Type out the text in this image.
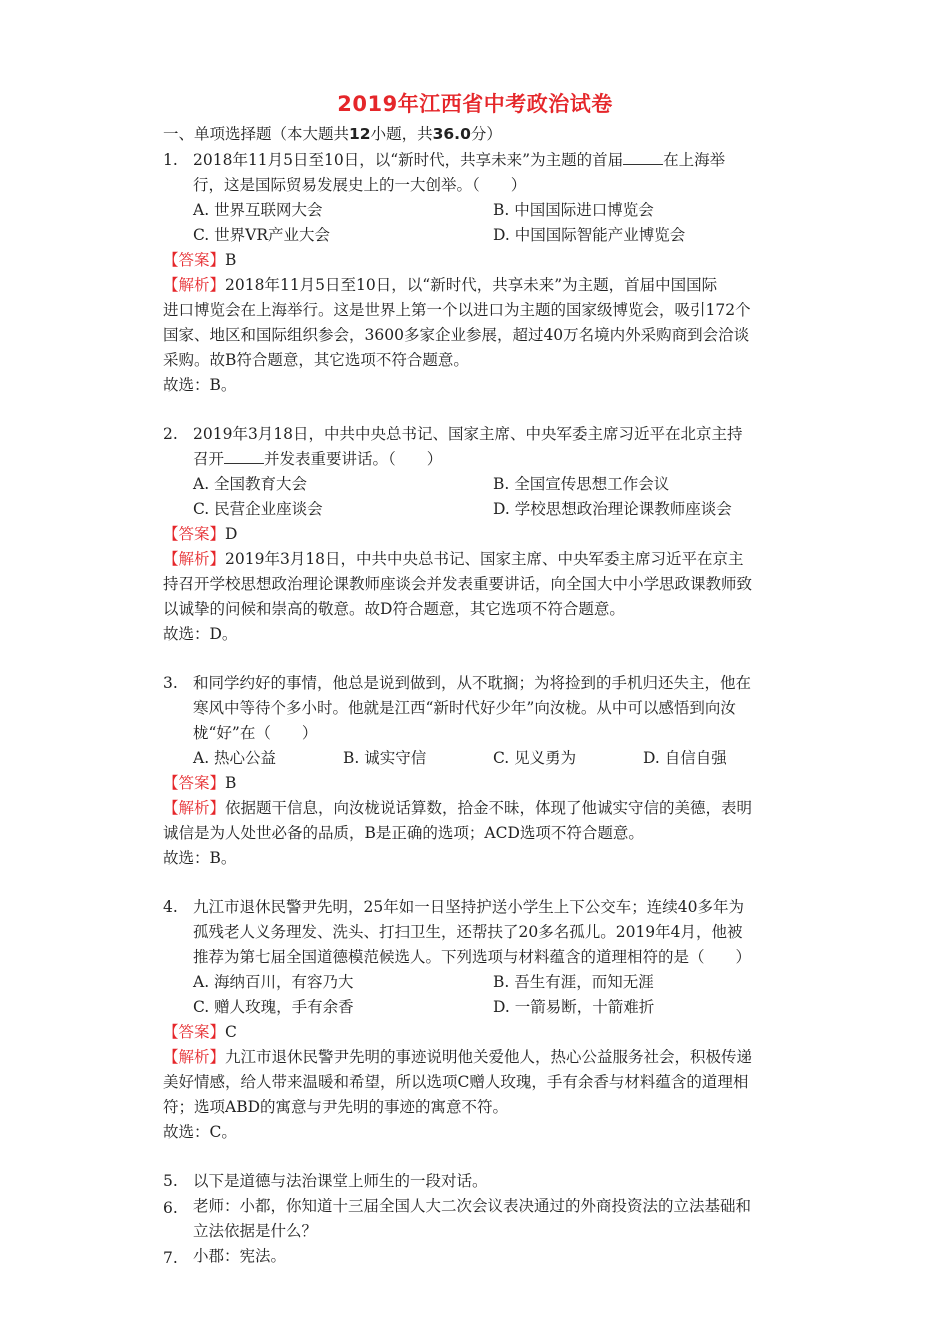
2019年江西省中考政治试卷
一、单项选择题（本大题共12小题，共36.0分）
1. 2018年11月5日至10日，以“新时代，共享未来”为主题的首届	在上海举
行，这是国际贸易发展史上的一大创举。（　　）
A. 世界互联网大会	B. 中国国际进口博览会
C. 世界VR产业大会	D. 中国国际智能产业博览会
【答案】B
【解析】2018年11月5日至10日，以“新时代，共享未来”为主题，首届中国国际
进口博览会在上海举行。这是世界上第一个以进口为主题的国家级博览会，吸引172个
国家、地区和国际组织参会，3600多家企业参展，超过40万名境内外采购商到会洽谈
采购。故B符合题意，其它选项不符合题意。
故选：B。
2. 2019年3月18日，中共中央总书记、国家主席、中央军委主席习近平在北京主持
召开	并发表重要讲话。（　　）
A. 全国教育大会	B. 全国宣传思想工作会议
C. 民营企业座谈会	D. 学校思想政治理论课教师座谈会
【答案】D
【解析】2019年3月18日，中共中央总书记、国家主席、中央军委主席习近平在京主
持召开学校思想政治理论课教师座谈会并发表重要讲话，向全国大中小学思政课教师致
以诚挚的问候和崇高的敬意。故D符合题意，其它选项不符合题意。
故选：D。
3. 和同学约好的事情，他总是说到做到，从不耽搁；为将捡到的手机归还失主，他在
寒风中等待个多小时。他就是江西“新时代好少年”向汝栊。从中可以感悟到向汝
栊“好”在（　　）
A. 热心公益	B. 诚实守信	C. 见义勇为	D. 自信自强
【答案】B
【解析】依据题干信息，向汝栊说话算数，拾金不昧，体现了他诚实守信的美德，表明
诚信是为人处世必备的品质，B是正确的选项；ACD选项不符合题意。
故选：B。
4. 九江市退休民警尹先明，25年如一日坚持护送小学生上下公交车；连续40多年为
孤残老人义务理发、洗头、打扫卫生，还帮扶了20多名孤儿。2019年4月，他被
推荐为第七届全国道德模范候选人。下列选项与材料蕴含的道理相符的是（　　）
A. 海纳百川，有容乃大	B. 吾生有涯，而知无涯
C. 赠人玫瑰，手有余香	D. 一箭易断，十箭难折
【答案】C
【解析】九江市退休民警尹先明的事迹说明他关爱他人，热心公益服务社会，积极传递
美好情感，给人带来温暖和希望，所以选项C赠人玫瑰，手有余香与材料蕴含的道理相
符；选项ABD的寓意与尹先明的事迹的寓意不符。
故选：C。
5. 以下是道德与法治课堂上师生的一段对话。
6. 老师：小都，你知道十三届全国人大二次会议表决通过的外商投资法的立法基础和
立法依据是什么？
7. 小郡：宪法。
